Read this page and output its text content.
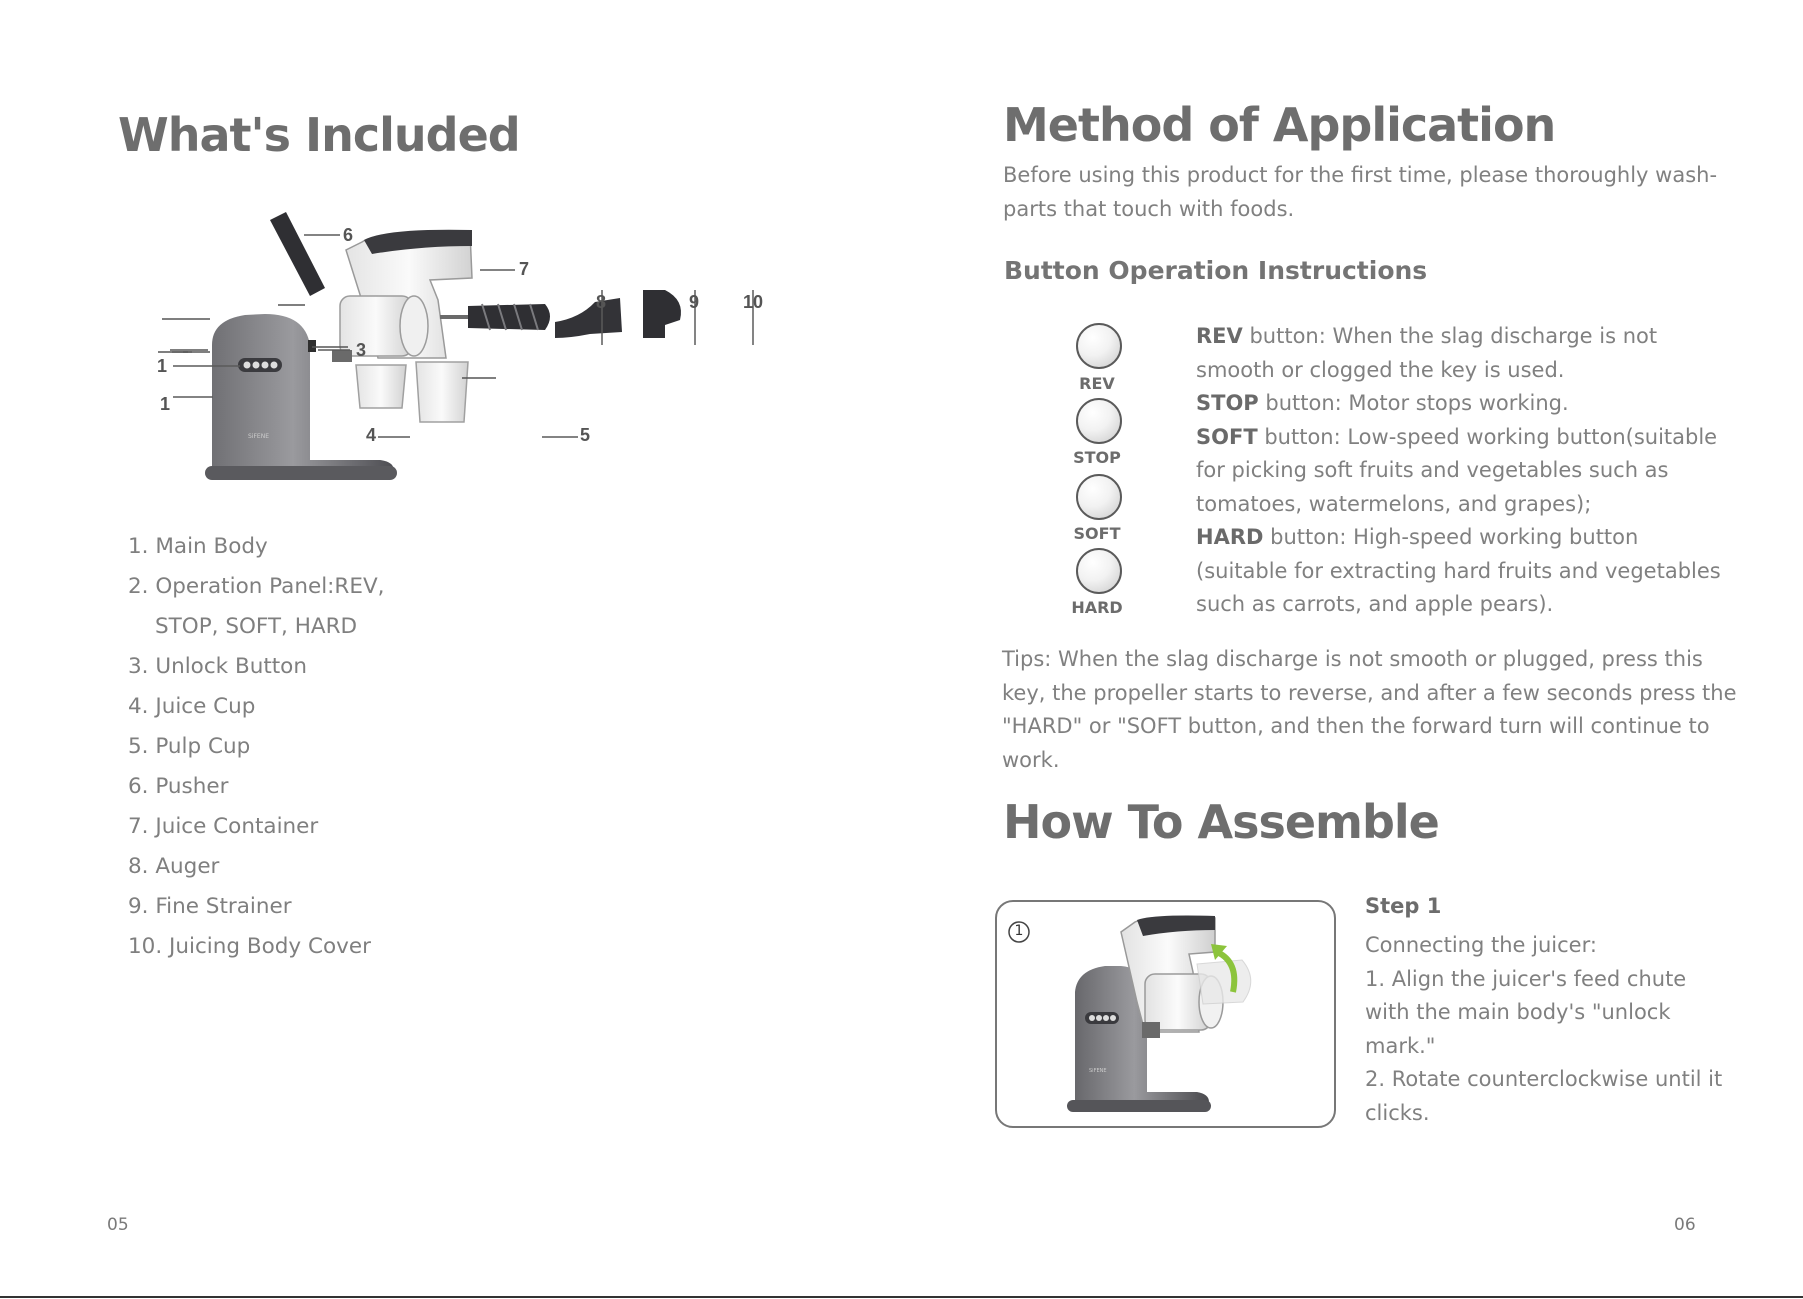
What's Included
SiFENE
1
6
7
8	9 10
3
1
4	5
1. Main Body
2. Operation Panel:REV,
STOP, SOFT, HARD
3. Unlock Button
4. Juice Cup
5. Pulp Cup
6. Pusher
7. Juice Container
8. Auger
9. Fine Strainer
10. Juicing Body Cover
05
Method of Application
Before using this product for the first time, please thoroughly wash-
parts that touch with foods.
Button Operation Instructions
REV
STOP
SOFT
HARD
REV button: When the slag discharge is not
smooth or clogged the key is used.
STOP button: Motor stops working.
SOFT button: Low-speed working button(suitable
for picking soft fruits and vegetables such as
tomatoes, watermelons, and grapes);
HARD button: High-speed working button
(suitable for extracting hard fruits and vegetables
such as carrots, and apple pears).
Tips: When the slag discharge is not smooth or plugged, press this
key, the propeller starts to reverse, and after a few seconds press the
"HARD" or "SOFT button, and then the forward turn will continue to
work.
How To Assemble
SiFENE
1
Step 1
Connecting the juicer:
1. Align the juicer's feed chute
with the main body's "unlock
mark."
2. Rotate counterclockwise until it
clicks.
06
